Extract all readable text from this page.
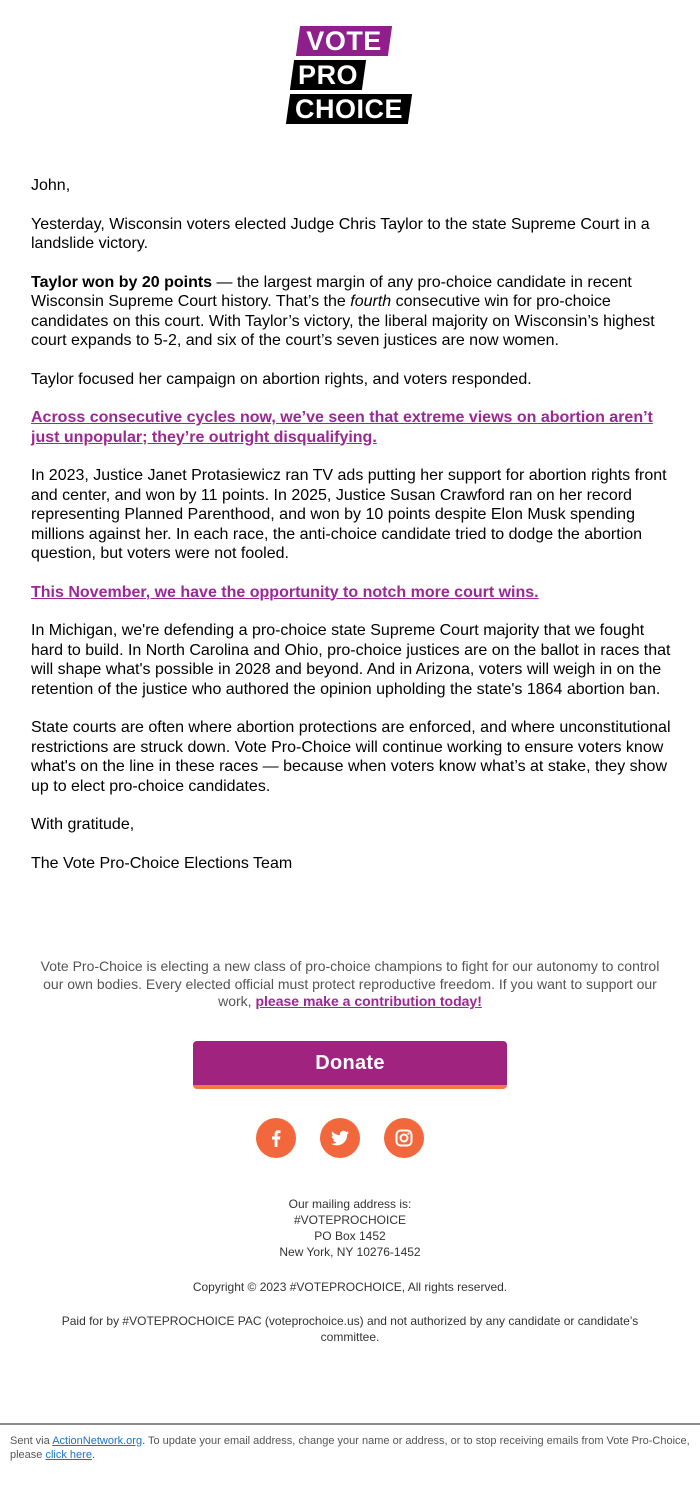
VOTE
PRO
CHOICE

John,

Yesterday, Wisconsin voters elected Judge Chris Taylor to the state Supreme Court in a landslide victory.

Taylor won by 20 points — the largest margin of any pro-choice candidate in recent Wisconsin Supreme Court history. That’s the fourth consecutive win for pro-choice candidates on this court. With Taylor’s victory, the liberal majority on Wisconsin’s highest court expands to 5-2, and six of the court’s seven justices are now women.

Taylor focused her campaign on abortion rights, and voters responded.

Across consecutive cycles now, we’ve seen that extreme views on abortion aren’t just unpopular; they’re outright disqualifying.

In 2023, Justice Janet Protasiewicz ran TV ads putting her support for abortion rights front and center, and won by 11 points. In 2025, Justice Susan Crawford ran on her record representing Planned Parenthood, and won by 10 points despite Elon Musk spending millions against her. In each race, the anti-choice candidate tried to dodge the abortion question, but voters were not fooled.

This November, we have the opportunity to notch more court wins.

In Michigan, we're defending a pro-choice state Supreme Court majority that we fought hard to build. In North Carolina and Ohio, pro-choice justices are on the ballot in races that will shape what's possible in 2028 and beyond. And in Arizona, voters will weigh in on the retention of the justice who authored the opinion upholding the state's 1864 abortion ban.

State courts are often where abortion protections are enforced, and where unconstitutional restrictions are struck down. Vote Pro-Choice will continue working to ensure voters know what's on the line in these races — because when voters know what’s at stake, they show up to elect pro-choice candidates.

With gratitude,

The Vote Pro-Choice Elections Team

Vote Pro-Choice is electing a new class of pro-choice champions to fight for our autonomy to control our own bodies. Every elected official must protect reproductive freedom. If you want to support our work, please make a contribution today!
Donate
Our mailing address is:
#VOTEPROCHOICE
PO Box 1452
New York, NY 10276-1452
Copyright © 2023 #VOTEPROCHOICE, All rights reserved.
Paid for by #VOTEPROCHOICE PAC (voteprochoice.us) and not authorized by any candidate or candidate’s committee.
Sent via ActionNetwork.org. To update your email address, change your name or address, or to stop receiving emails from Vote Pro-Choice, please click here.
